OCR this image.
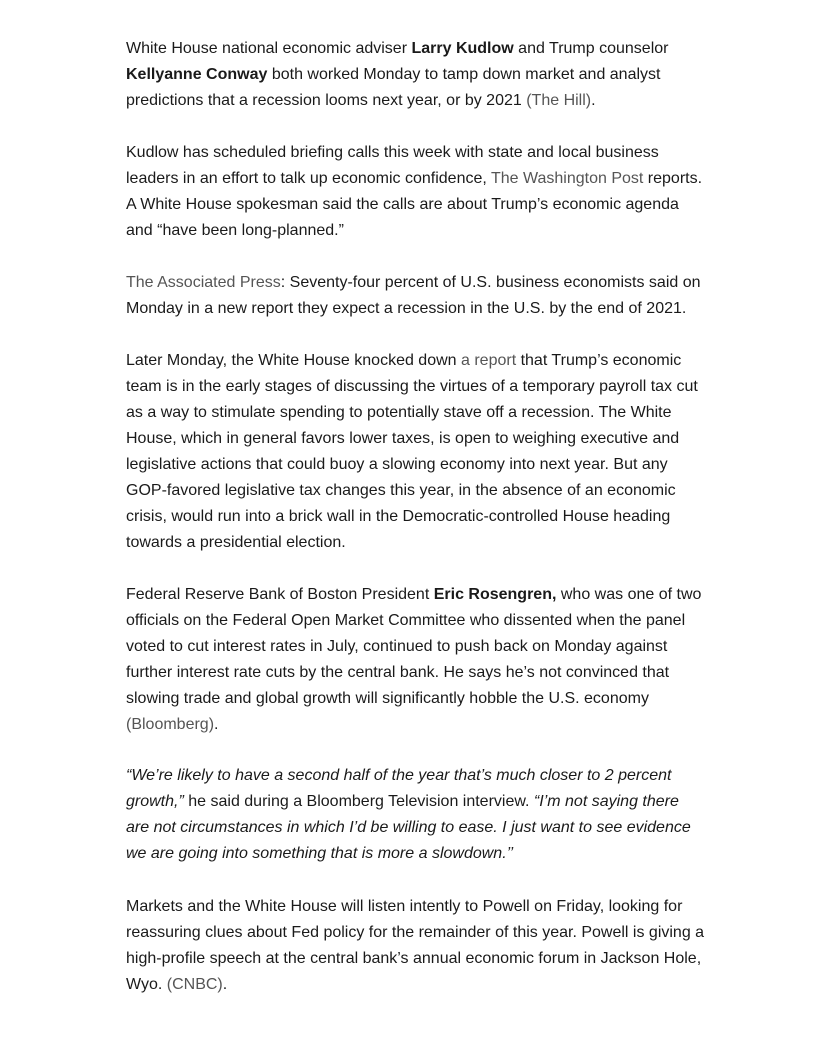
White House national economic adviser Larry Kudlow and Trump counselor Kellyanne Conway both worked Monday to tamp down market and analyst predictions that a recession looms next year, or by 2021 (The Hill).

Kudlow has scheduled briefing calls this week with state and local business leaders in an effort to talk up economic confidence, The Washington Post reports. A White House spokesman said the calls are about Trump’s economic agenda and “have been long-planned.”

The Associated Press: Seventy-four percent of U.S. business economists said on Monday in a new report they expect a recession in the U.S. by the end of 2021.

Later Monday, the White House knocked down a report that Trump’s economic team is in the early stages of discussing the virtues of a temporary payroll tax cut as a way to stimulate spending to potentially stave off a recession. The White House, which in general favors lower taxes, is open to weighing executive and legislative actions that could buoy a slowing economy into next year. But any GOP-favored legislative tax changes this year, in the absence of an economic crisis, would run into a brick wall in the Democratic-controlled House heading towards a presidential election.

Federal Reserve Bank of Boston President Eric Rosengren, who was one of two officials on the Federal Open Market Committee who dissented when the panel voted to cut interest rates in July, continued to push back on Monday against further interest rate cuts by the central bank. He says he’s not convinced that slowing trade and global growth will significantly hobble the U.S. economy (Bloomberg).

“We’re likely to have a second half of the year that’s much closer to 2 percent growth,” he said during a Bloomberg Television interview. “I’m not saying there are not circumstances in which I’d be willing to ease. I just want to see evidence we are going into something that is more a slowdown.’’

Markets and the White House will listen intently to Powell on Friday, looking for reassuring clues about Fed policy for the remainder of this year. Powell is giving a high-profile speech at the central bank’s annual economic forum in Jackson Hole, Wyo. (CNBC).
